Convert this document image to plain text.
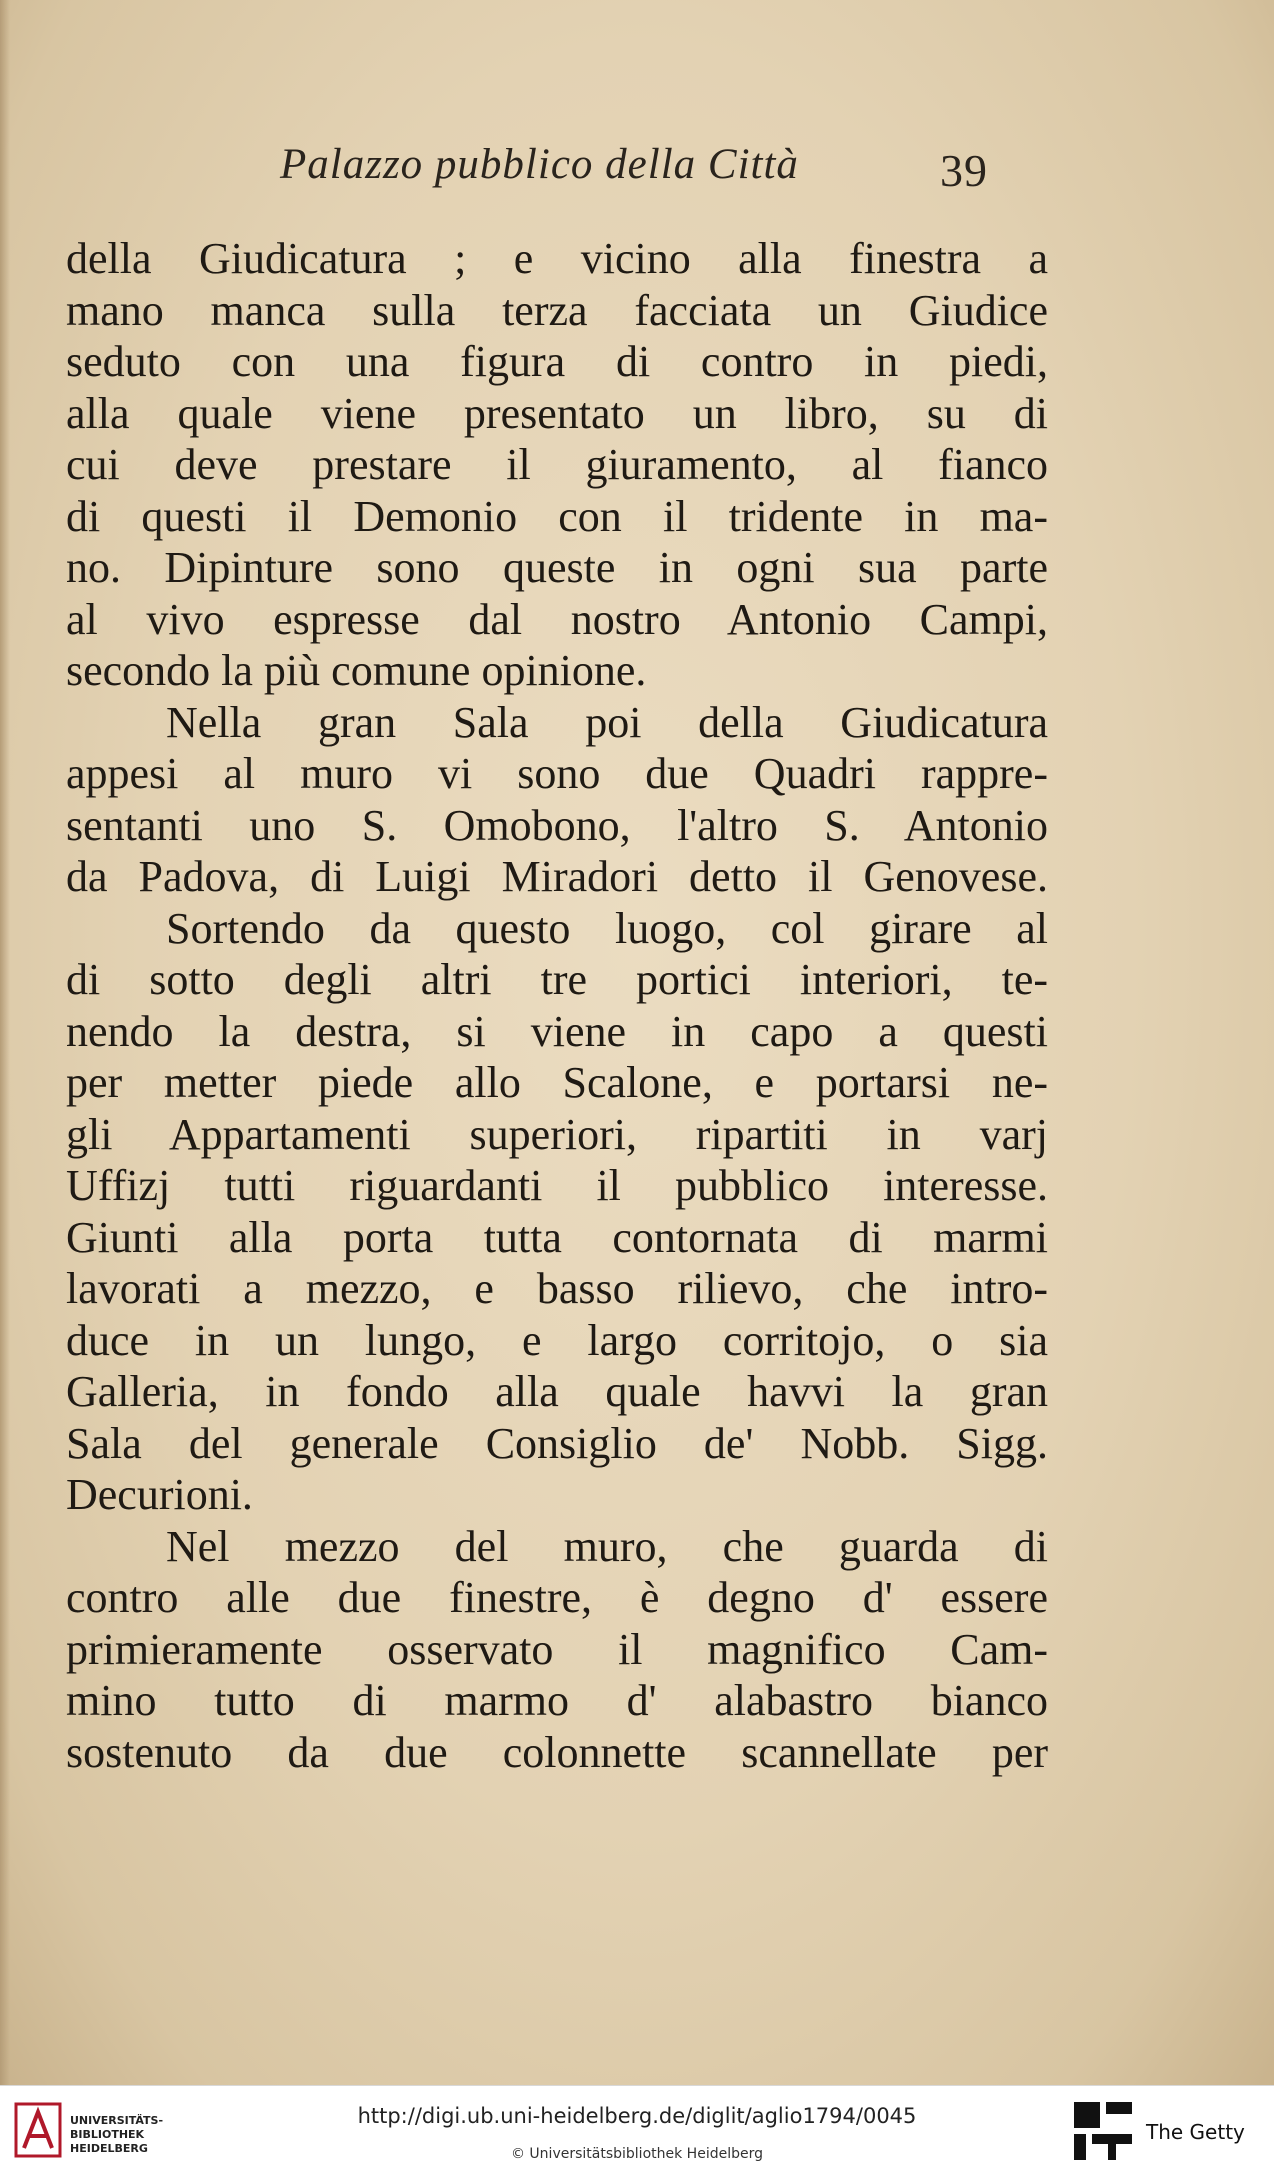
Palazzo pubblico della Città	39
della Giudicatura ; e vicino alla finestra a
mano manca sulla terza facciata un Giudice
seduto con una figura di contro in piedi,
alla quale viene presentato un libro, su di
cui deve prestare il giuramento, al fianco
di questi il Demonio con il tridente in ma-
no. Dipinture sono queste in ogni sua parte
al vivo espresse dal nostro Antonio Campi,
secondo la più comune opinione.
Nella gran Sala poi della Giudicatura
appesi al muro vi sono due Quadri rappre-
sentanti uno S. Omobono, l'altro S. Antonio
da Padova, di Luigi Miradori detto il Genovese.
Sortendo da questo luogo, col girare al
di sotto degli altri tre portici interiori, te-
nendo la destra, si viene in capo a questi
per metter piede allo Scalone, e portarsi ne-
gli Appartamenti superiori, ripartiti in varj
Uffizj tutti riguardanti il pubblico interesse.
Giunti alla porta tutta contornata di marmi
lavorati a mezzo, e basso rilievo, che intro-
duce in un lungo, e largo corritojo, o sia
Galleria, in fondo alla quale havvi la gran
Sala del generale Consiglio de' Nobb. Sigg.
Decurioni.
Nel mezzo del muro, che guarda di
contro alle due finestre, è degno d' essere
primieramente osservato il magnifico Cam-
mino tutto di marmo d' alabastro bianco
sostenuto da due colonnette scannellate per
UNIVERSITÄTS-
BIBLIOTHEK
HEIDELBERG
http://digi.ub.uni-heidelberg.de/diglit/aglio1794/0045
© Universitätsbibliothek Heidelberg
The Getty
